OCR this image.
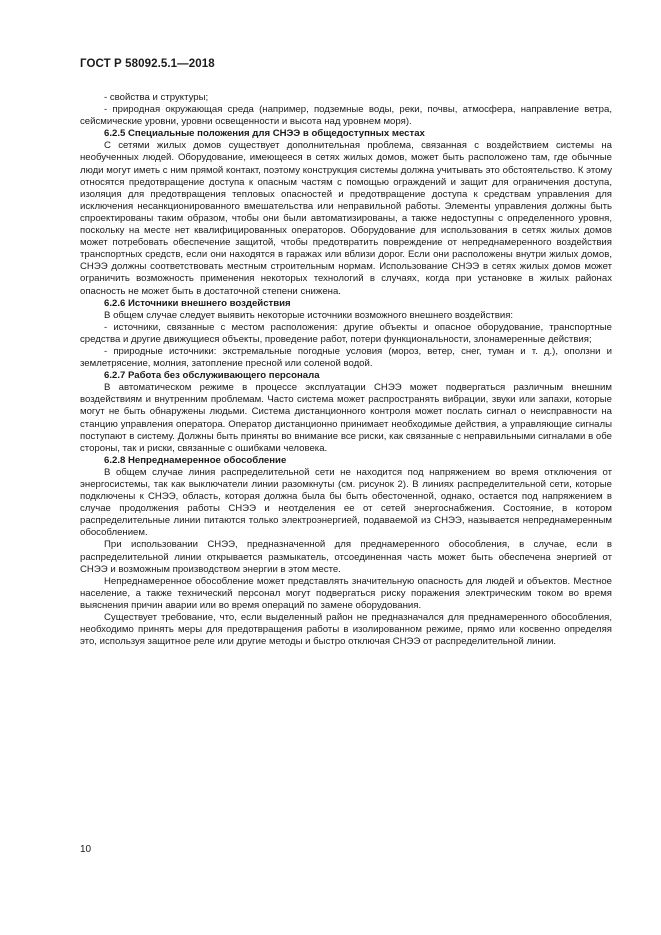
ГОСТ Р 58092.5.1—2018

- свойства и структуры;

- природная окружающая среда (например, подземные воды, реки, почвы, атмосфера, направление ветра, сейсмические уровни, уровни освещенности и высота над уровнем моря).

6.2.5 Специальные положения для СНЭЭ в общедоступных местах

С сетями жилых домов существует дополнительная проблема, связанная с воздействием системы на необученных людей. Оборудование, имеющееся в сетях жилых домов, может быть расположено там, где обычные люди могут иметь с ним прямой контакт, поэтому конструкция системы должна учитывать это обстоятельство. К этому относятся предотвращение доступа к опасным частям с помощью ограждений и защит для ограничения доступа, изоляция для предотвращения тепловых опасностей и предотвращение доступа к средствам управления для исключения несанкционированного вмешательства или неправильной работы. Элементы управления должны быть спроектированы таким образом, чтобы они были автоматизированы, а также недоступны с определенного уровня, поскольку на месте нет квалифицированных операторов. Оборудование для использования в сетях жилых домов может потребовать обеспечение защитой, чтобы предотвратить повреждение от непреднамеренного воздействия транспортных средств, если они находятся в гаражах или вблизи дорог. Если они расположены внутри жилых домов, СНЭЭ должны соответствовать местным строительным нормам. Использование СНЭЭ в сетях жилых домов может ограничить возможность применения некоторых технологий в случаях, когда при установке в жилых районах опасность не может быть в достаточной степени снижена.

6.2.6 Источники внешнего воздействия

В общем случае следует выявить некоторые источники возможного внешнего воздействия:

- источники, связанные с местом расположения: другие объекты и опасное оборудование, транспортные средства и другие движущиеся объекты, проведение работ, потери функциональности, злонамеренные действия;

- природные источники: экстремальные погодные условия (мороз, ветер, снег, туман и т. д.), оползни и землетрясение, молния, затопление пресной или соленой водой.

6.2.7 Работа без обслуживающего персонала

В автоматическом режиме в процессе эксплуатации СНЭЭ может подвергаться различным внешним воздействиям и внутренним проблемам. Часто система может распространять вибрации, звуки или запахи, которые могут не быть обнаружены людьми. Система дистанционного контроля может послать сигнал о неисправности на станцию управления оператора. Оператор дистанционно принимает необходимые действия, а управляющие сигналы поступают в систему. Должны быть приняты во внимание все риски, как связанные с неправильными сигналами в обе стороны, так и риски, связанные с ошибками человека.

6.2.8 Непреднамеренное обособление

В общем случае линия распределительной сети не находится под напряжением во время отключения от энергосистемы, так как выключатели линии разомкнуты (см. рисунок 2). В линиях распределительной сети, которые подключены к СНЭЭ, область, которая должна была бы быть обесточенной, однако, остается под напряжением в случае продолжения работы СНЭЭ и неотделения ее от сетей энергоснабжения. Состояние, в котором распределительные линии питаются только электроэнергией, подаваемой из СНЭЭ, называется непреднамеренным обособлением.

При использовании СНЭЭ, предназначенной для преднамеренного обособления, в случае, если в распределительной линии открывается размыкатель, отсоединенная часть может быть обеспечена энергией от СНЭЭ и возможным производством энергии в этом месте.

Непреднамеренное обособление может представлять значительную опасность для людей и объектов. Местное население, а также технический персонал могут подвергаться риску поражения электрическим током во время выяснения причин аварии или во время операций по замене оборудования.

Существует требование, что, если выделенный район не предназначался для преднамеренного обособления, необходимо принять меры для предотвращения работы в изолированном режиме, прямо или косвенно определяя это, используя защитное реле или другие методы и быстро отключая СНЭЭ от распределительной линии.

10
